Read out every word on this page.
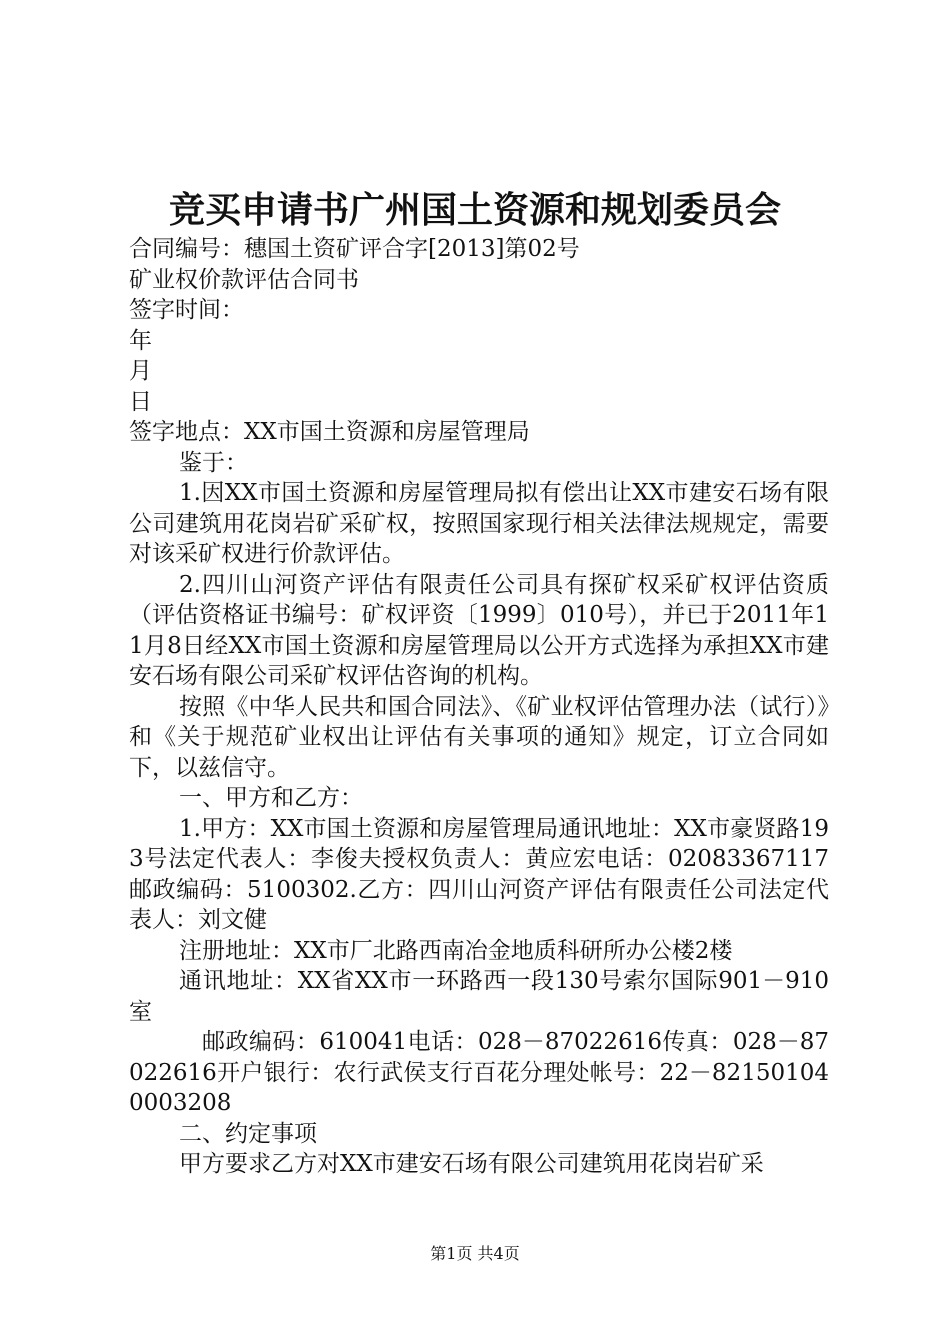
竞买申请书广州国土资源和规划委员会
合同编号：穗国土资矿评合字[2013]第02号
矿业权价款评估合同书
签字时间：
年
月
日
签字地点：XX市国土资源和房屋管理局
鉴于：
1.因XX市国土资源和房屋管理局拟有偿出让XX市建安石场有限公司建筑用花岗岩矿采矿权，按照国家现行相关法律法规规定，需要对该采矿权进行价款评估。
2.四川山河资产评估有限责任公司具有探矿权采矿权评估资质（评估资格证书编号：矿权评资〔1999〕010号），并已于2011年11月8日经XX市国土资源和房屋管理局以公开方式选择为承担XX市建安石场有限公司采矿权评估咨询的机构。
按照《中华人民共和国合同法》、《矿业权评估管理办法（试行）》和《关于规范矿业权出让评估有关事项的通知》规定，订立合同如下，以兹信守。
一、甲方和乙方：
1.甲方：XX市国土资源和房屋管理局通讯地址：XX市豪贤路193号法定代表人：李俊夫授权负责人：黄应宏电话：02083367117邮政编码：5100302.乙方：四川山河资产评估有限责任公司法定代表人：刘文健
注册地址：XX市厂北路西南冶金地质科研所办公楼2楼
通讯地址：XX省XX市一环路西一段130号索尔国际901－910室
邮政编码：610041电话：028－87022616传真：028－87022616开户银行：农行武侯支行百花分理处帐号：22－821501040003208
二、约定事项
甲方要求乙方对XX市建安石场有限公司建筑用花岗岩矿采
第1页 共4页
